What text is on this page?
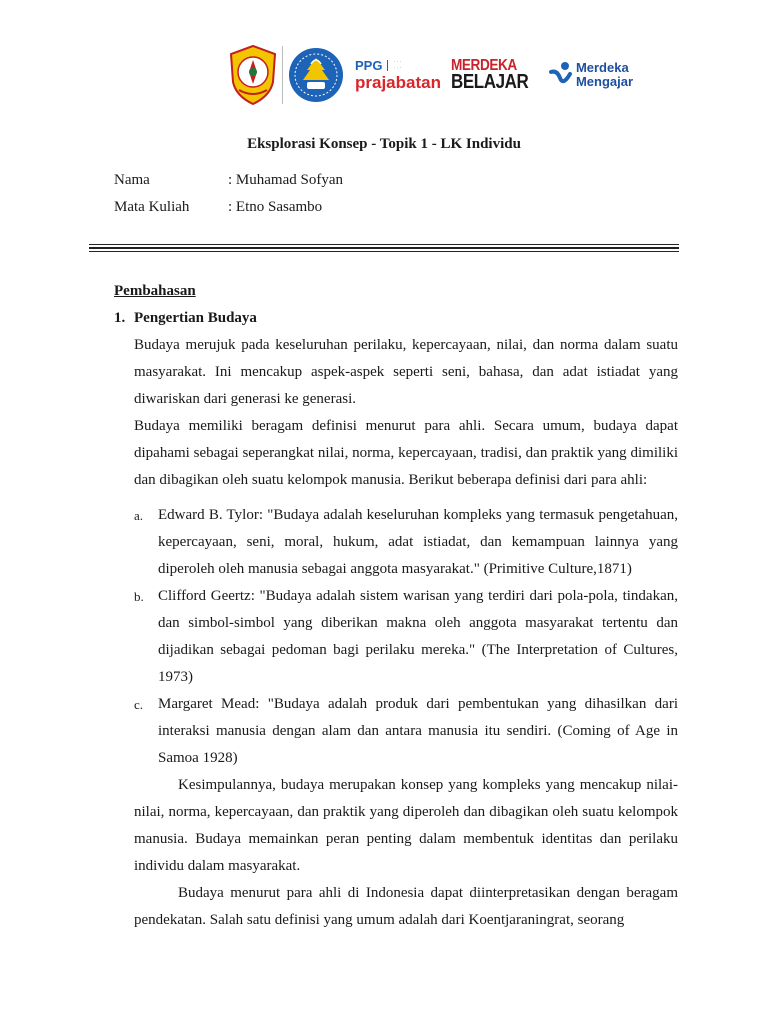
PPG · · ·
· · ·
prajabatan
MERDEKA
BELAJAR
Merdeka
Mengajar
Eksplorasi Konsep - Topik 1 - LK Individu
Nama	: Muhamad Sofyan
Mata Kuliah	: Etno Sasambo
Pembahasan
1. Pengertian Budaya

Budaya merujuk pada keseluruhan perilaku, kepercayaan, nilai, dan norma dalam suatu masyarakat. Ini mencakup aspek-aspek seperti seni, bahasa, dan adat istiadat yang diwariskan dari generasi ke generasi.

Budaya memiliki beragam definisi menurut para ahli. Secara umum, budaya dapat dipahami sebagai seperangkat nilai, norma, kepercayaan, tradisi, dan praktik yang dimiliki dan dibagikan oleh suatu kelompok manusia. Berikut beberapa definisi dari para ahli:

a. Edward B. Tylor: "Budaya adalah keseluruhan kompleks yang termasuk pengetahuan, kepercayaan, seni, moral, hukum, adat istiadat, dan kemampuan lainnya yang diperoleh oleh manusia sebagai anggota masyarakat." (Primitive Culture,1871)
b. Clifford Geertz: "Budaya adalah sistem warisan yang terdiri dari pola-pola, tindakan, dan simbol-simbol yang diberikan makna oleh anggota masyarakat tertentu dan dijadikan sebagai pedoman bagi perilaku mereka." (The Interpretation of Cultures, 1973)
c. Margaret Mead: "Budaya adalah produk dari pembentukan yang dihasilkan dari interaksi manusia dengan alam dan antara manusia itu sendiri. (Coming of Age in Samoa 1928)

Kesimpulannya, budaya merupakan konsep yang kompleks yang mencakup nilai- nilai, norma, kepercayaan, dan praktik yang diperoleh dan dibagikan oleh suatu kelompok manusia. Budaya memainkan peran penting dalam membentuk identitas dan perilaku individu dalam masyarakat.

Budaya menurut para ahli di Indonesia dapat diinterpretasikan dengan beragam pendekatan. Salah satu definisi yang umum adalah dari Koentjaraningrat, seorang
